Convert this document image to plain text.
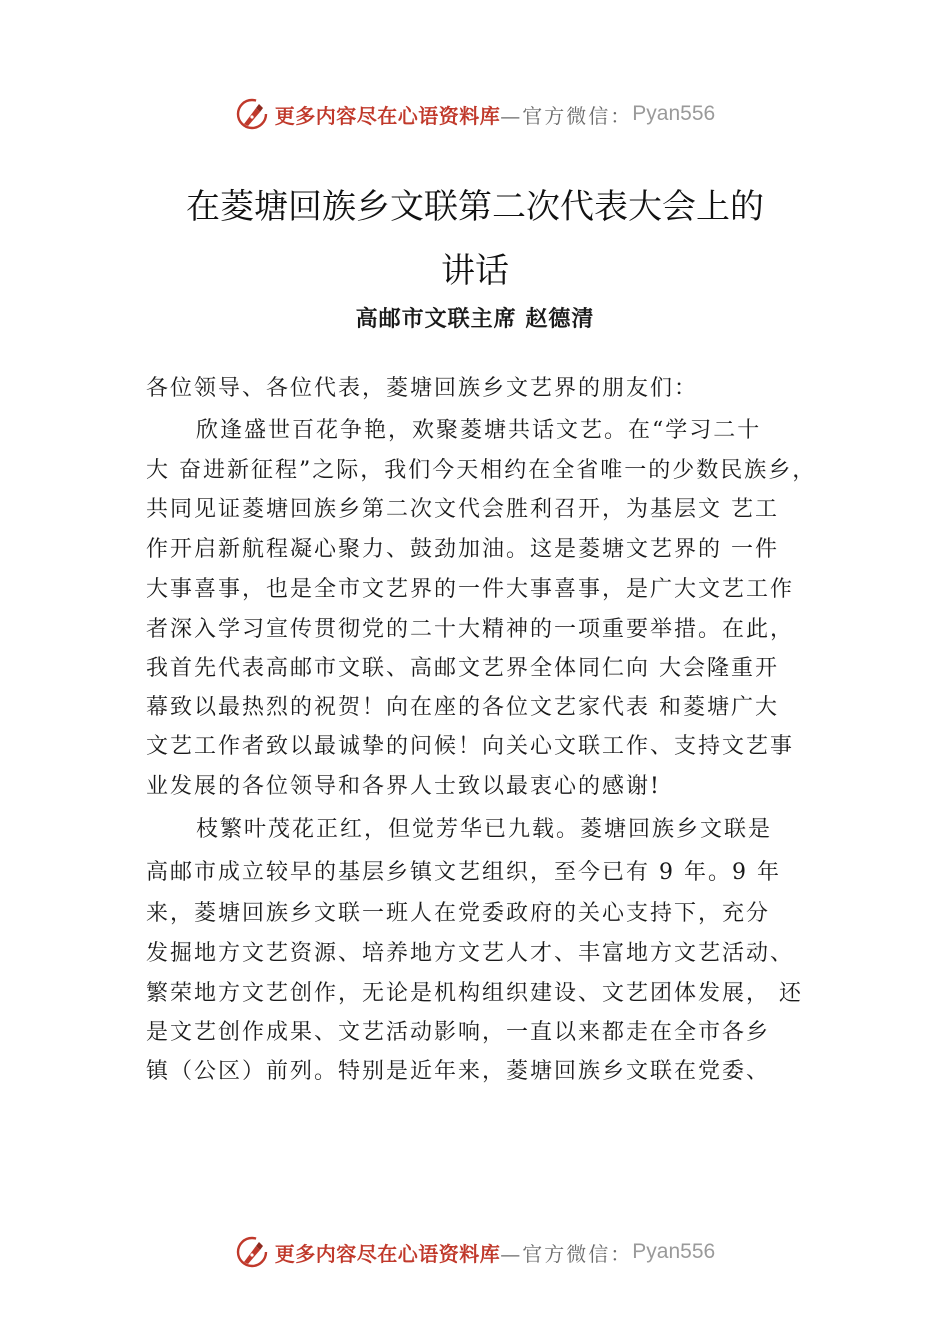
更多内容尽在心语资料库 —官方微信： Pyan556
在菱塘回族乡文联第二次代表大会上的
讲话
高邮市文联主席 赵德清
各位领导、各位代表，菱塘回族乡文艺界的朋友们：
欣逢盛世百花争艳，欢聚菱塘共话文艺。在“学习二十
大 奋进新征程”之际，我们今天相约在全省唯一的少数民族乡，
共同见证菱塘回族乡第二次文代会胜利召开，为基层文 艺工
作开启新航程凝心聚力、鼓劲加油。这是菱塘文艺界的 一件
大事喜事，也是全市文艺界的一件大事喜事，是广大文艺工作
者深入学习宣传贯彻党的二十大精神的一项重要举措。在此，
我首先代表高邮市文联、高邮文艺界全体同仁向 大会隆重开
幕致以最热烈的祝贺！向在座的各位文艺家代表 和菱塘广大
文艺工作者致以最诚挚的问候！向关心文联工作、支持文艺事
业发展的各位领导和各界人士致以最衷心的感谢!
枝繁叶茂花正红，但觉芳华已九载。菱塘回族乡文联是
高邮市成立较早的基层乡镇文艺组织，至今已有 9 年。9 年
来，菱塘回族乡文联一班人在党委政府的关心支持下，充分
发掘地方文艺资源、培养地方文艺人才、丰富地方文艺活动、
繁荣地方文艺创作，无论是机构组织建设、文艺团体发展， 还
是文艺创作成果、文艺活动影响，一直以来都走在全市各乡
镇（公区）前列。特别是近年来，菱塘回族乡文联在党委、
更多内容尽在心语资料库 —官方微信： Pyan556
